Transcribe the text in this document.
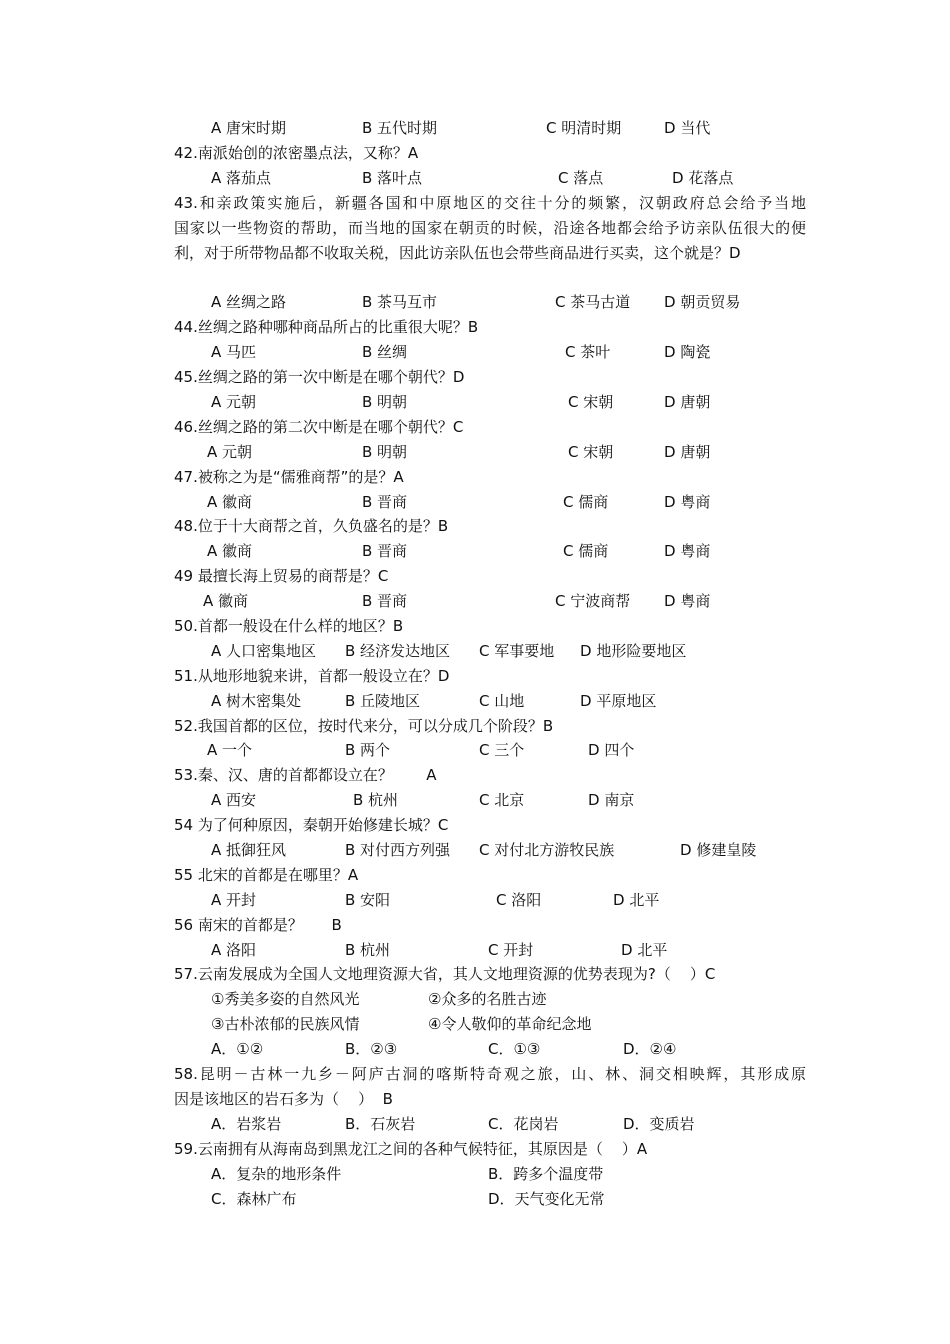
A 唐宋时期	B 五代时期	C 明清时期	D 当代
42.南派始创的浓密墨点法，又称？A
A 落茄点	B 落叶点	C 落点	D 花落点
43.和亲政策实施后，新疆各国和中原地区的交往十分的频繁，汉朝政府总会给予当地
国家以一些物资的帮助，而当地的国家在朝贡的时候，沿途各地都会给予访亲队伍很大的便
利，对于所带物品都不收取关税，因此访亲队伍也会带些商品进行买卖，这个就是？D
A 丝绸之路	B 茶马互市	C 茶马古道 D 朝贡贸易
44.丝绸之路种哪种商品所占的比重很大呢？B
A 马匹	B 丝绸	C 茶叶	D 陶瓷
45.丝绸之路的第一次中断是在哪个朝代？D
A 元朝	B 明朝	C 宋朝	D 唐朝
46.丝绸之路的第二次中断是在哪个朝代？C
A 元朝	B 明朝	C 宋朝	D 唐朝
47.被称之为是“儒雅商帮”的是？A
A 徽商	B 晋商	C 儒商	D 粤商
48.位于十大商帮之首，久负盛名的是？B
A 徽商	B 晋商	C 儒商	D 粤商
49 最擅长海上贸易的商帮是？C
A 徽商	B 晋商	C 宁波商帮 D 粤商
50.首都一般设在什么样的地区？B
A 人口密集地区 B 经济发达地区 C 军事要地 D 地形险要地区
51.从地形地貌来讲，首都一般设立在？D
A 树木密集处	B 丘陵地区	C 山地	D 平原地区
52.我国首都的区位，按时代来分，可以分成几个阶段？B
A 一个	B 两个	C 三个	D 四个
53.秦、汉、唐的首都都设立在？       A
A 西安	B 杭州	C 北京	D 南京
54 为了何种原因，秦朝开始修建长城？C
A 抵御狂风	B 对付西方列强 C 对付北方游牧民族	D 修建皇陵
55 北宋的首都是在哪里？A
A 开封	B 安阳	C 洛阳	D 北平
56 南宋的首都是？      B
A 洛阳	B 杭州	C 开封	D 北平
57.云南发展成为全国人文地理资源大省，其人文地理资源的优势表现为?（    ）C
①秀美多姿的自然风光	②众多的名胜古迹
③古朴浓郁的民族风情	④令人敬仰的革命纪念地
A．①②	B．②③	C．①③	D．②④
58.昆明－古林一九乡－阿庐古洞的喀斯特奇观之旅，山、林、洞交相映辉，其形成原
因是该地区的岩石多为（    ）  B
A．岩浆岩	B．石灰岩	C．花岗岩	D．变质岩
59.云南拥有从海南岛到黑龙江之间的各种气候特征，其原因是（    ）A
A．复杂的地形条件	B．跨多个温度带
C．森林广布	D．天气变化无常
